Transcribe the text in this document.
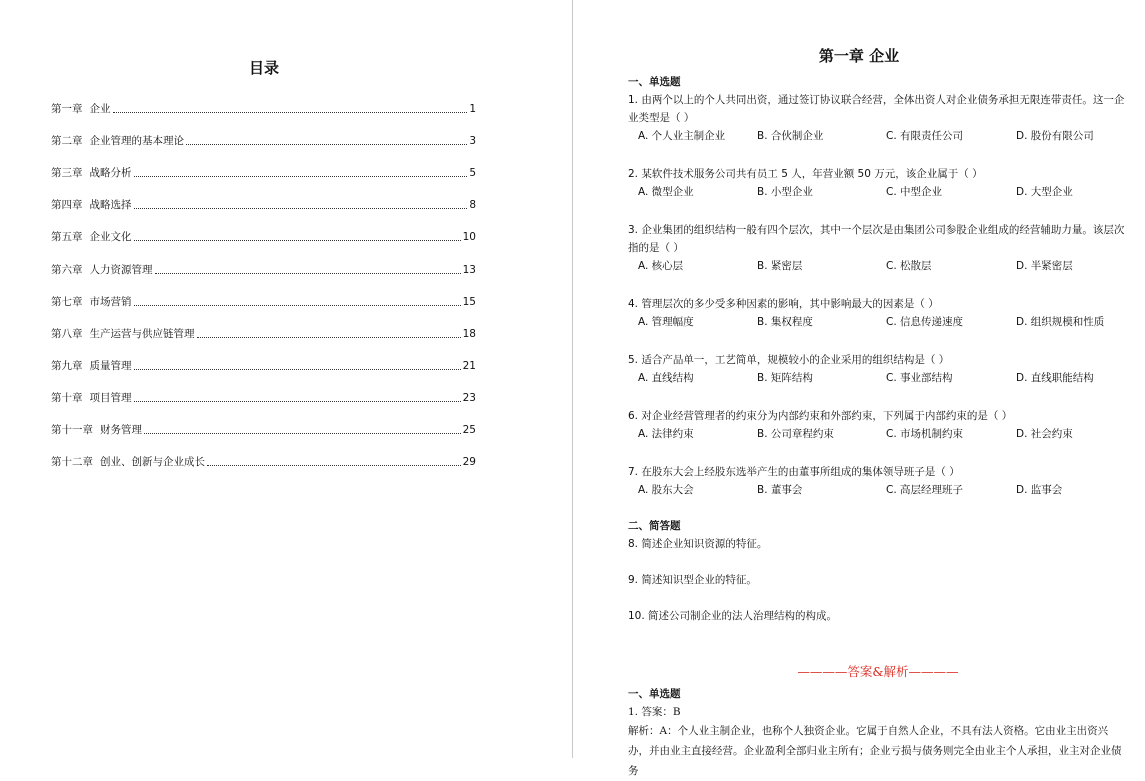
目录
第一章 企业	1
第二章 企业管理的基本理论	3
第三章 战略分析	5
第四章 战略选择	8
第五章 企业文化	10
第六章 人力资源管理	13
第七章 市场营销	15
第八章 生产运营与供应链管理	18
第九章 质量管理	21
第十章 项目管理	23
第十一章 财务管理	25
第十二章 创业、创新与企业成长	29
第一章 企业
一、单选题

1. 由两个以上的个人共同出资，通过签订协议联合经营，全体出资人对企业债务承担无限连带责任。这一企业类型是（ ）

A. 个人业主制企业	B. 合伙制企业	C. 有限责任公司	D. 股份有限公司

2. 某软件技术服务公司共有员工 5 人，年营业额 50 万元，该企业属于（ ）

A. 微型企业	B. 小型企业	C. 中型企业	D. 大型企业

3. 企业集团的组织结构一般有四个层次，其中一个层次是由集团公司参股企业组成的经营辅助力量。该层次指的是（ ）

A. 核心层	B. 紧密层	C. 松散层	D. 半紧密层

4. 管理层次的多少受多种因素的影响，其中影响最大的因素是（ ）

A. 管理幅度	B. 集权程度	C. 信息传递速度	D. 组织规模和性质

5. 适合产品单一，工艺简单，规模较小的企业采用的组织结构是（ ）

A. 直线结构	B. 矩阵结构	C. 事业部结构	D. 直线职能结构

6. 对企业经营管理者的约束分为内部约束和外部约束，下列属于内部约束的是（ ）

A. 法律约束	B. 公司章程约束	C. 市场机制约束	D. 社会约束

7. 在股东大会上经股东选举产生的由董事所组成的集体领导班子是（ ）

A. 股东大会	B. 董事会	C. 高层经理班子	D. 监事会
二、简答题
8. 简述企业知识资源的特征。
9. 简述知识型企业的特征。
10. 简述公司制企业的法人治理结构的构成。
————答案&解析————
一、单选题
1. 答案：B
解析：A：个人业主制企业，也称个人独资企业。它属于自然人企业，不具有法人资格。它由业主出资兴办，并由业主直接经营。企业盈利全部归业主所有；企业亏损与债务则完全由业主个人承担，业主对企业债务
